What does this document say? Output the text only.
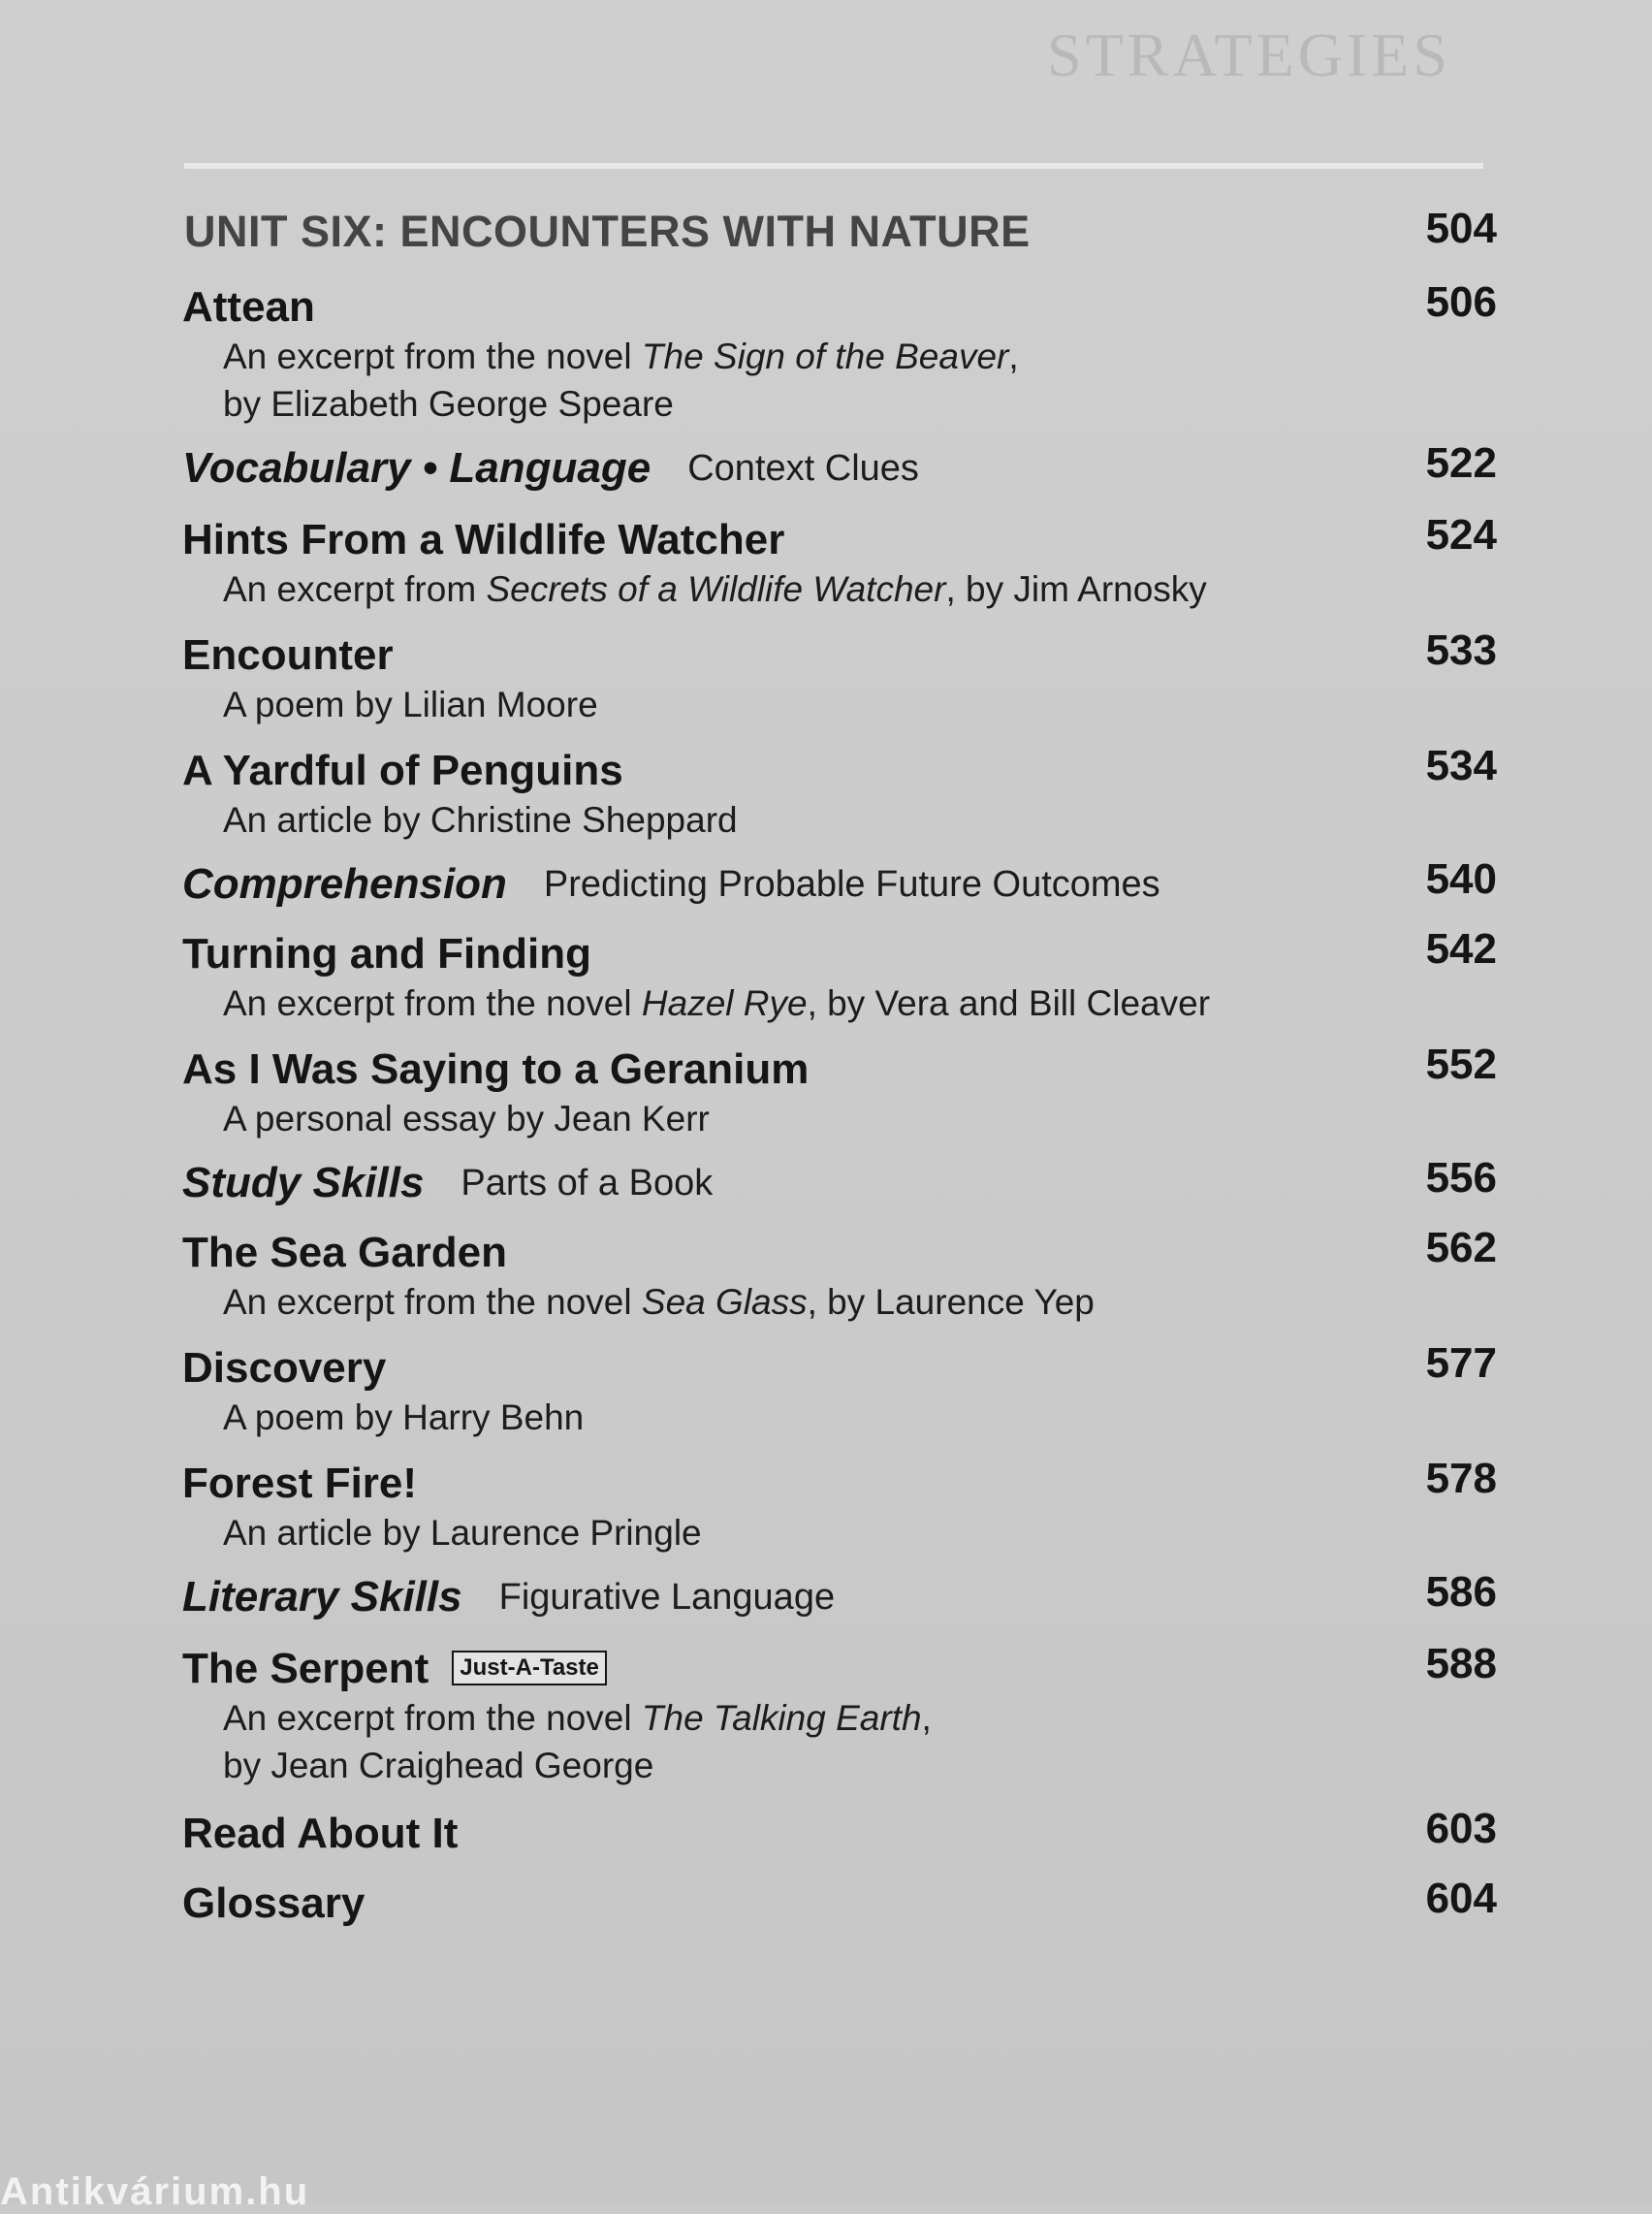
STRATEGIES
UNIT SIX: ENCOUNTERS WITH NATURE	504
Attean	506
An excerpt from the novel The Sign of the Beaver,
by Elizabeth George Speare
Vocabulary • Language Context Clues	522
Hints From a Wildlife Watcher	524
An excerpt from Secrets of a Wildlife Watcher, by Jim Arnosky
Encounter	533
A poem by Lilian Moore
A Yardful of Penguins	534
An article by Christine Sheppard
Comprehension Predicting Probable Future Outcomes	540
Turning and Finding	542
An excerpt from the novel Hazel Rye, by Vera and Bill Cleaver
As I Was Saying to a Geranium	552
A personal essay by Jean Kerr
Study Skills Parts of a Book	556
The Sea Garden	562
An excerpt from the novel Sea Glass, by Laurence Yep
Discovery	577
A poem by Harry Behn
Forest Fire!	578
An article by Laurence Pringle
Literary Skills Figurative Language	586
The Serpent Just-A-Taste	588
An excerpt from the novel The Talking Earth,
by Jean Craighead George
Read About It	603
Glossary	604
Antikvárium.hu
